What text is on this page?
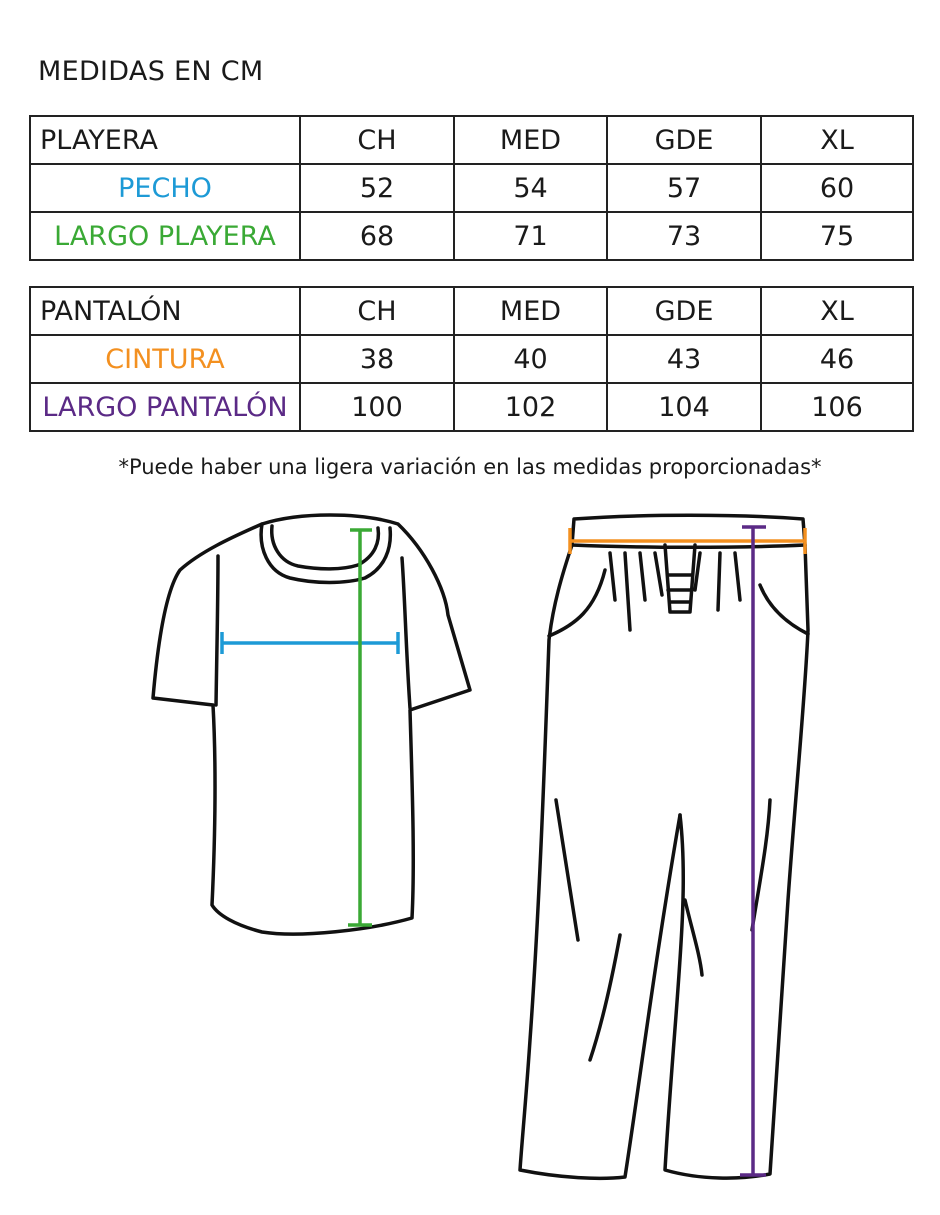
MEDIDAS EN CM
PLAYERA	CH	MED	GDE	XL
PECHO	52	54	57	60
LARGO PLAYERA	68	71	73	75
PANTALÓN	CH	MED	GDE	XL
CINTURA	38	40	43	46
LARGO PANTALÓN	100	102	104	106
*Puede haber una ligera variación en las medidas proporcionadas*
